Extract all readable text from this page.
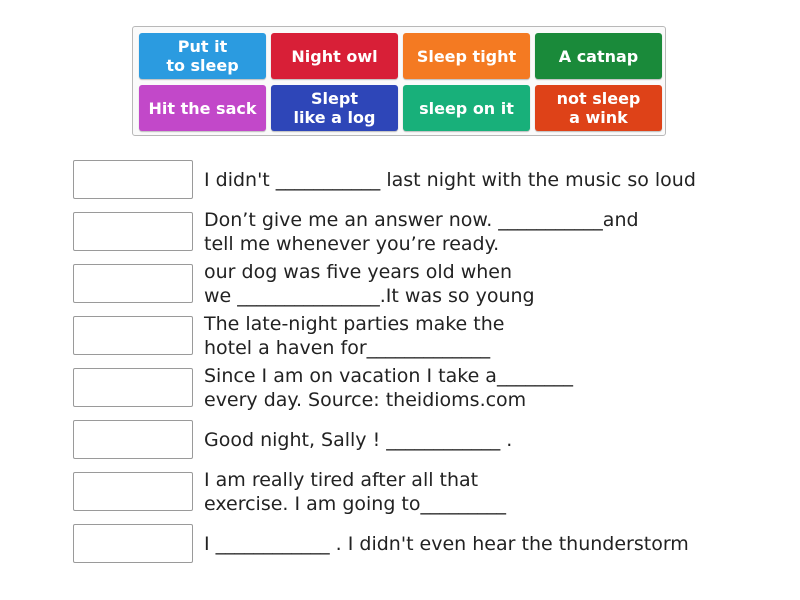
Put it
to sleep	Night owl	Sleep tight	A catnap
Hit the sack	Slept
like a log	sleep on it	not sleep
a wink
I didn't ___________ last night with the music so loud
Don’t give me an answer now. ___________and
tell me whenever you’re ready.
our dog was five years old when
we _______________.It was so young
The late-night parties make the
hotel a haven for_____________
Since I am on vacation I take a________
every day. Source: theidioms.com
Good night, Sally ! ____________ .
I am really tired after all that
exercise. I am going to_________
I ____________ . I didn't even hear the thunderstorm
